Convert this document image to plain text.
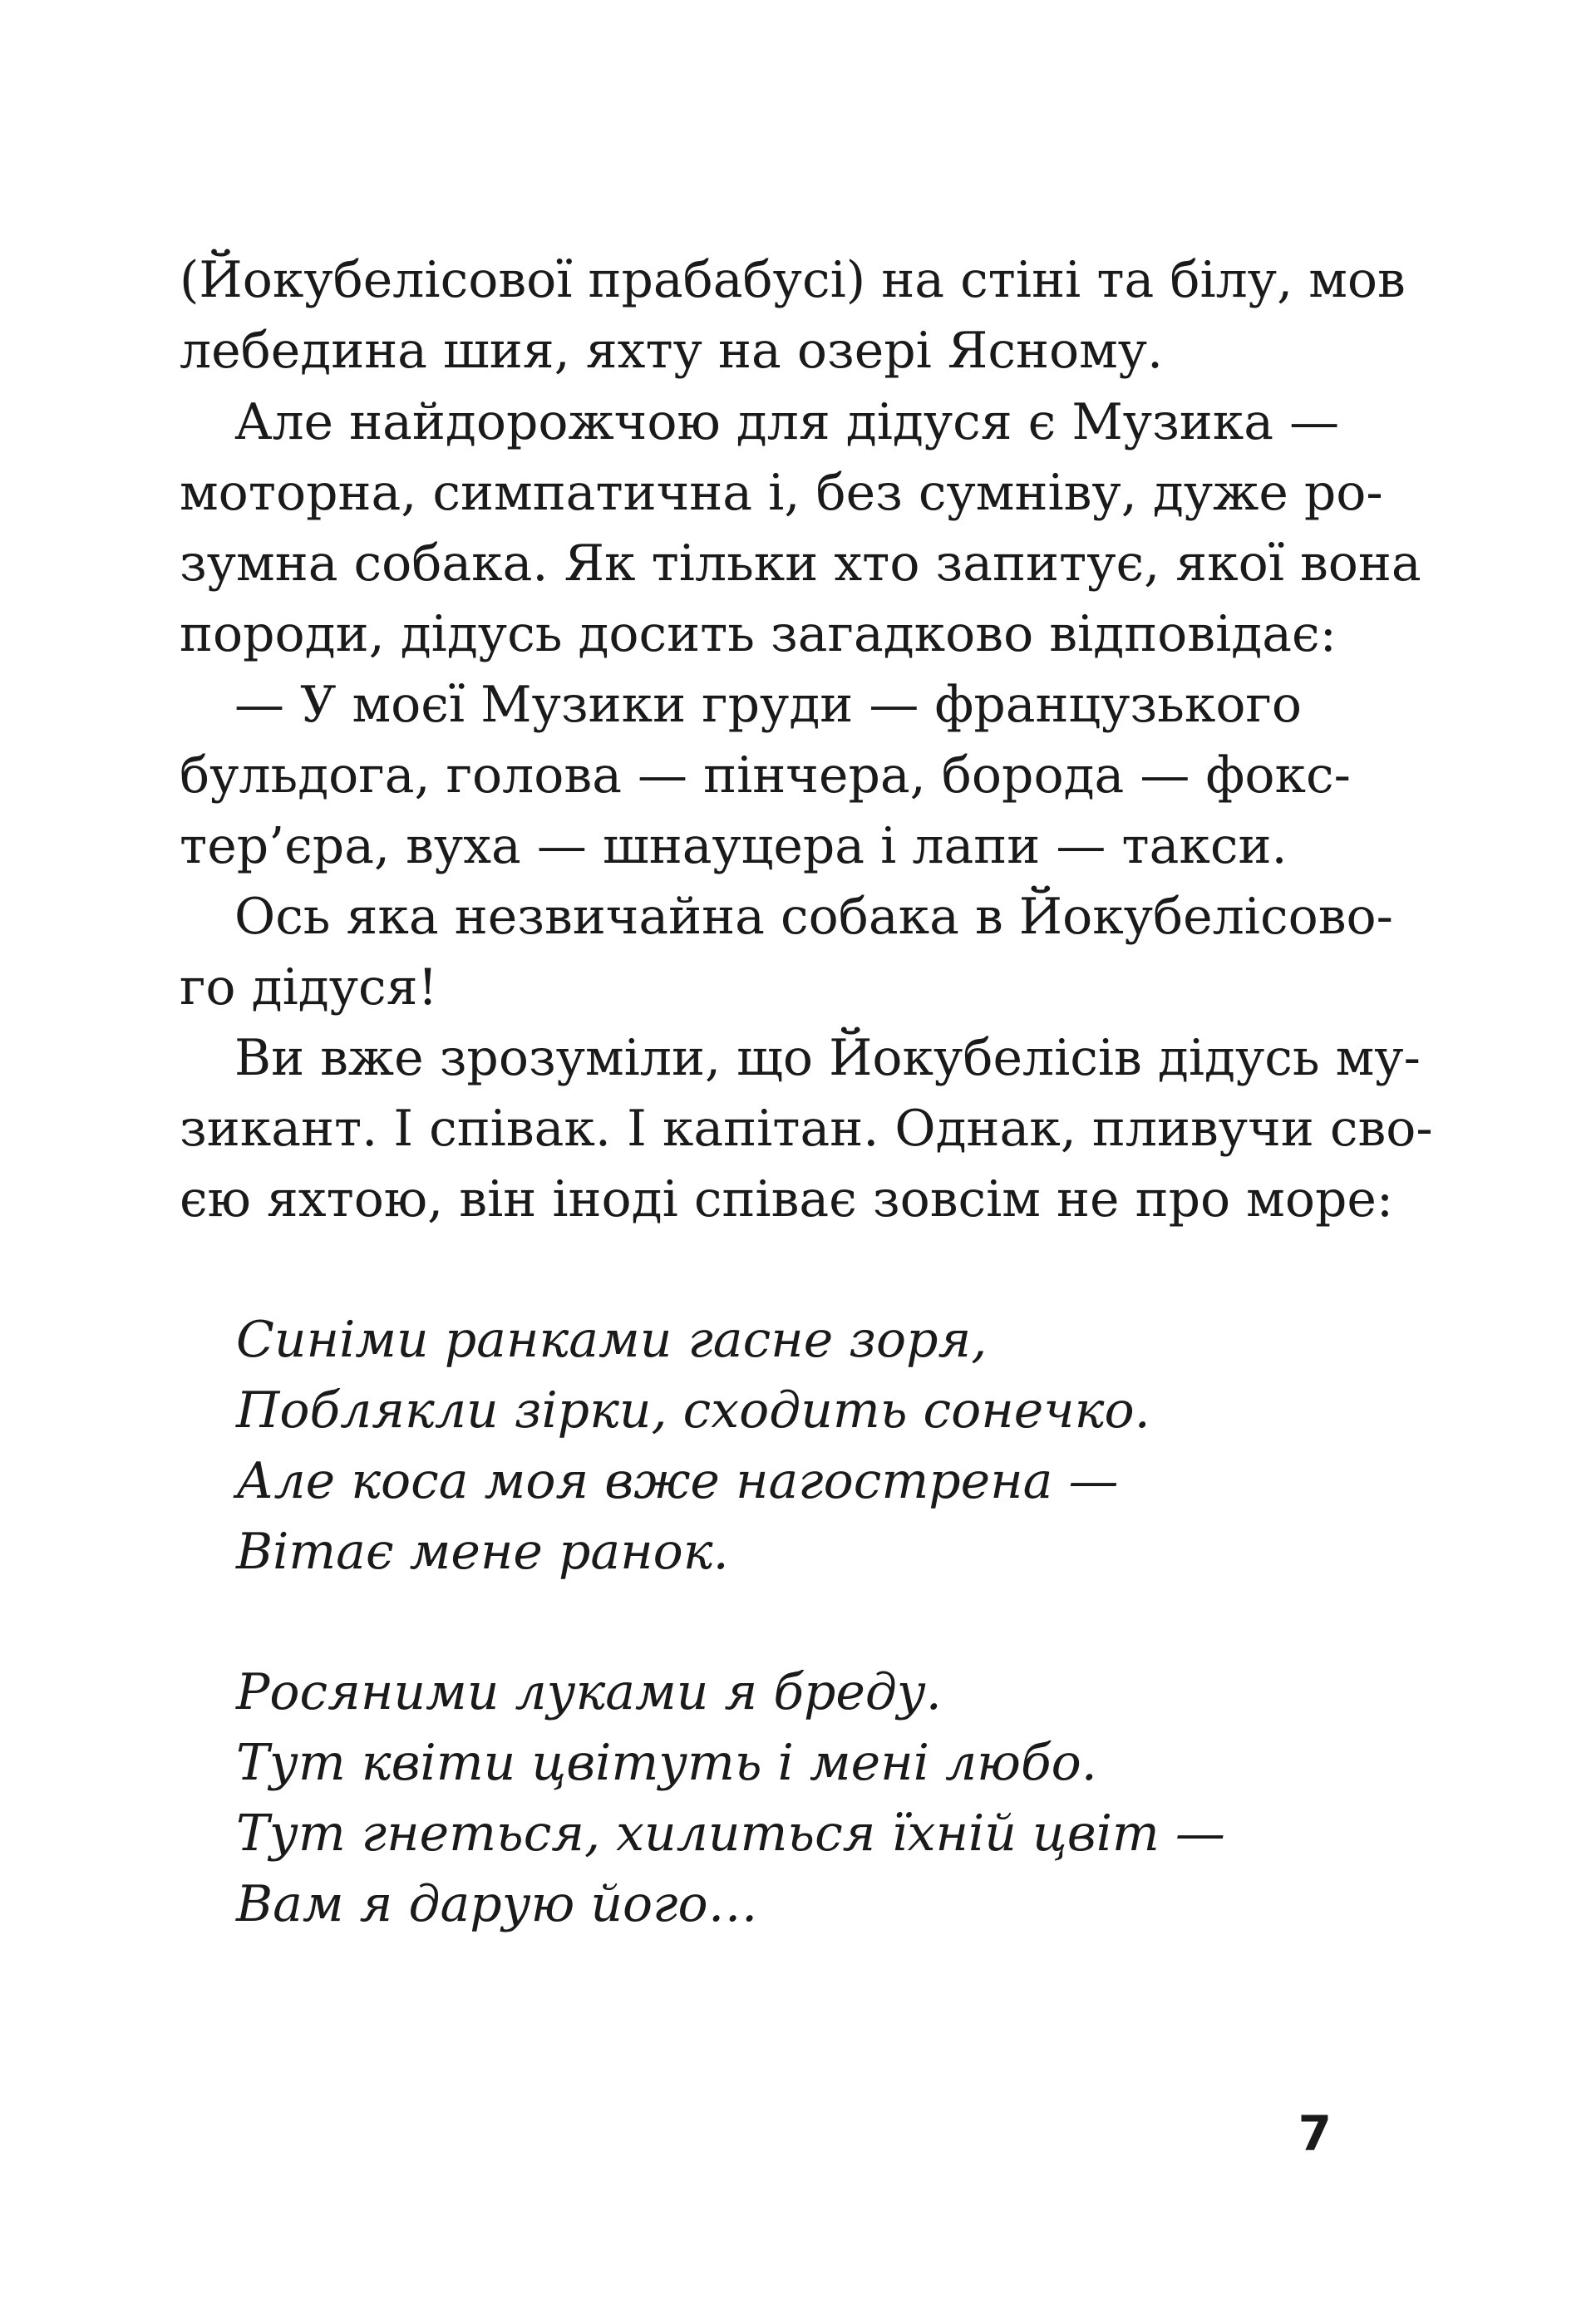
(Йокубелісової прабабусі) на стіні та білу, мов

лебедина шия, яхту на озері Ясному.

Але найдорожчою для дідуся є Музика —

моторна, симпатична і, без сумніву, дуже ро-

зумна собака. Як тільки хто запитує, якої вона

породи, дідусь досить загадково відповідає:

— У моєї Музики груди — французького

бульдога, голова — пінчера, борода — фокс-

тер’єра, вуха — шнауцера і лапи — такси.

Ось яка незвичайна собака в Йокубелісово-

го дідуся!

Ви вже зрозуміли, що Йокубелісів дідусь му-

зикант. І співак. І капітан. Однак, пливучи сво-

єю яхтою, він іноді співає зовсім не про море:

Синіми ранками гасне зоря,

Поблякли зірки, сходить сонечко.

Але коса моя вже нагострена —

Вітає мене ранок.

Росяними луками я бреду.

Тут квіти цвітуть і мені любо.

Тут гнеться, хилиться їхній цвіт —

Вам я дарую його…

7
